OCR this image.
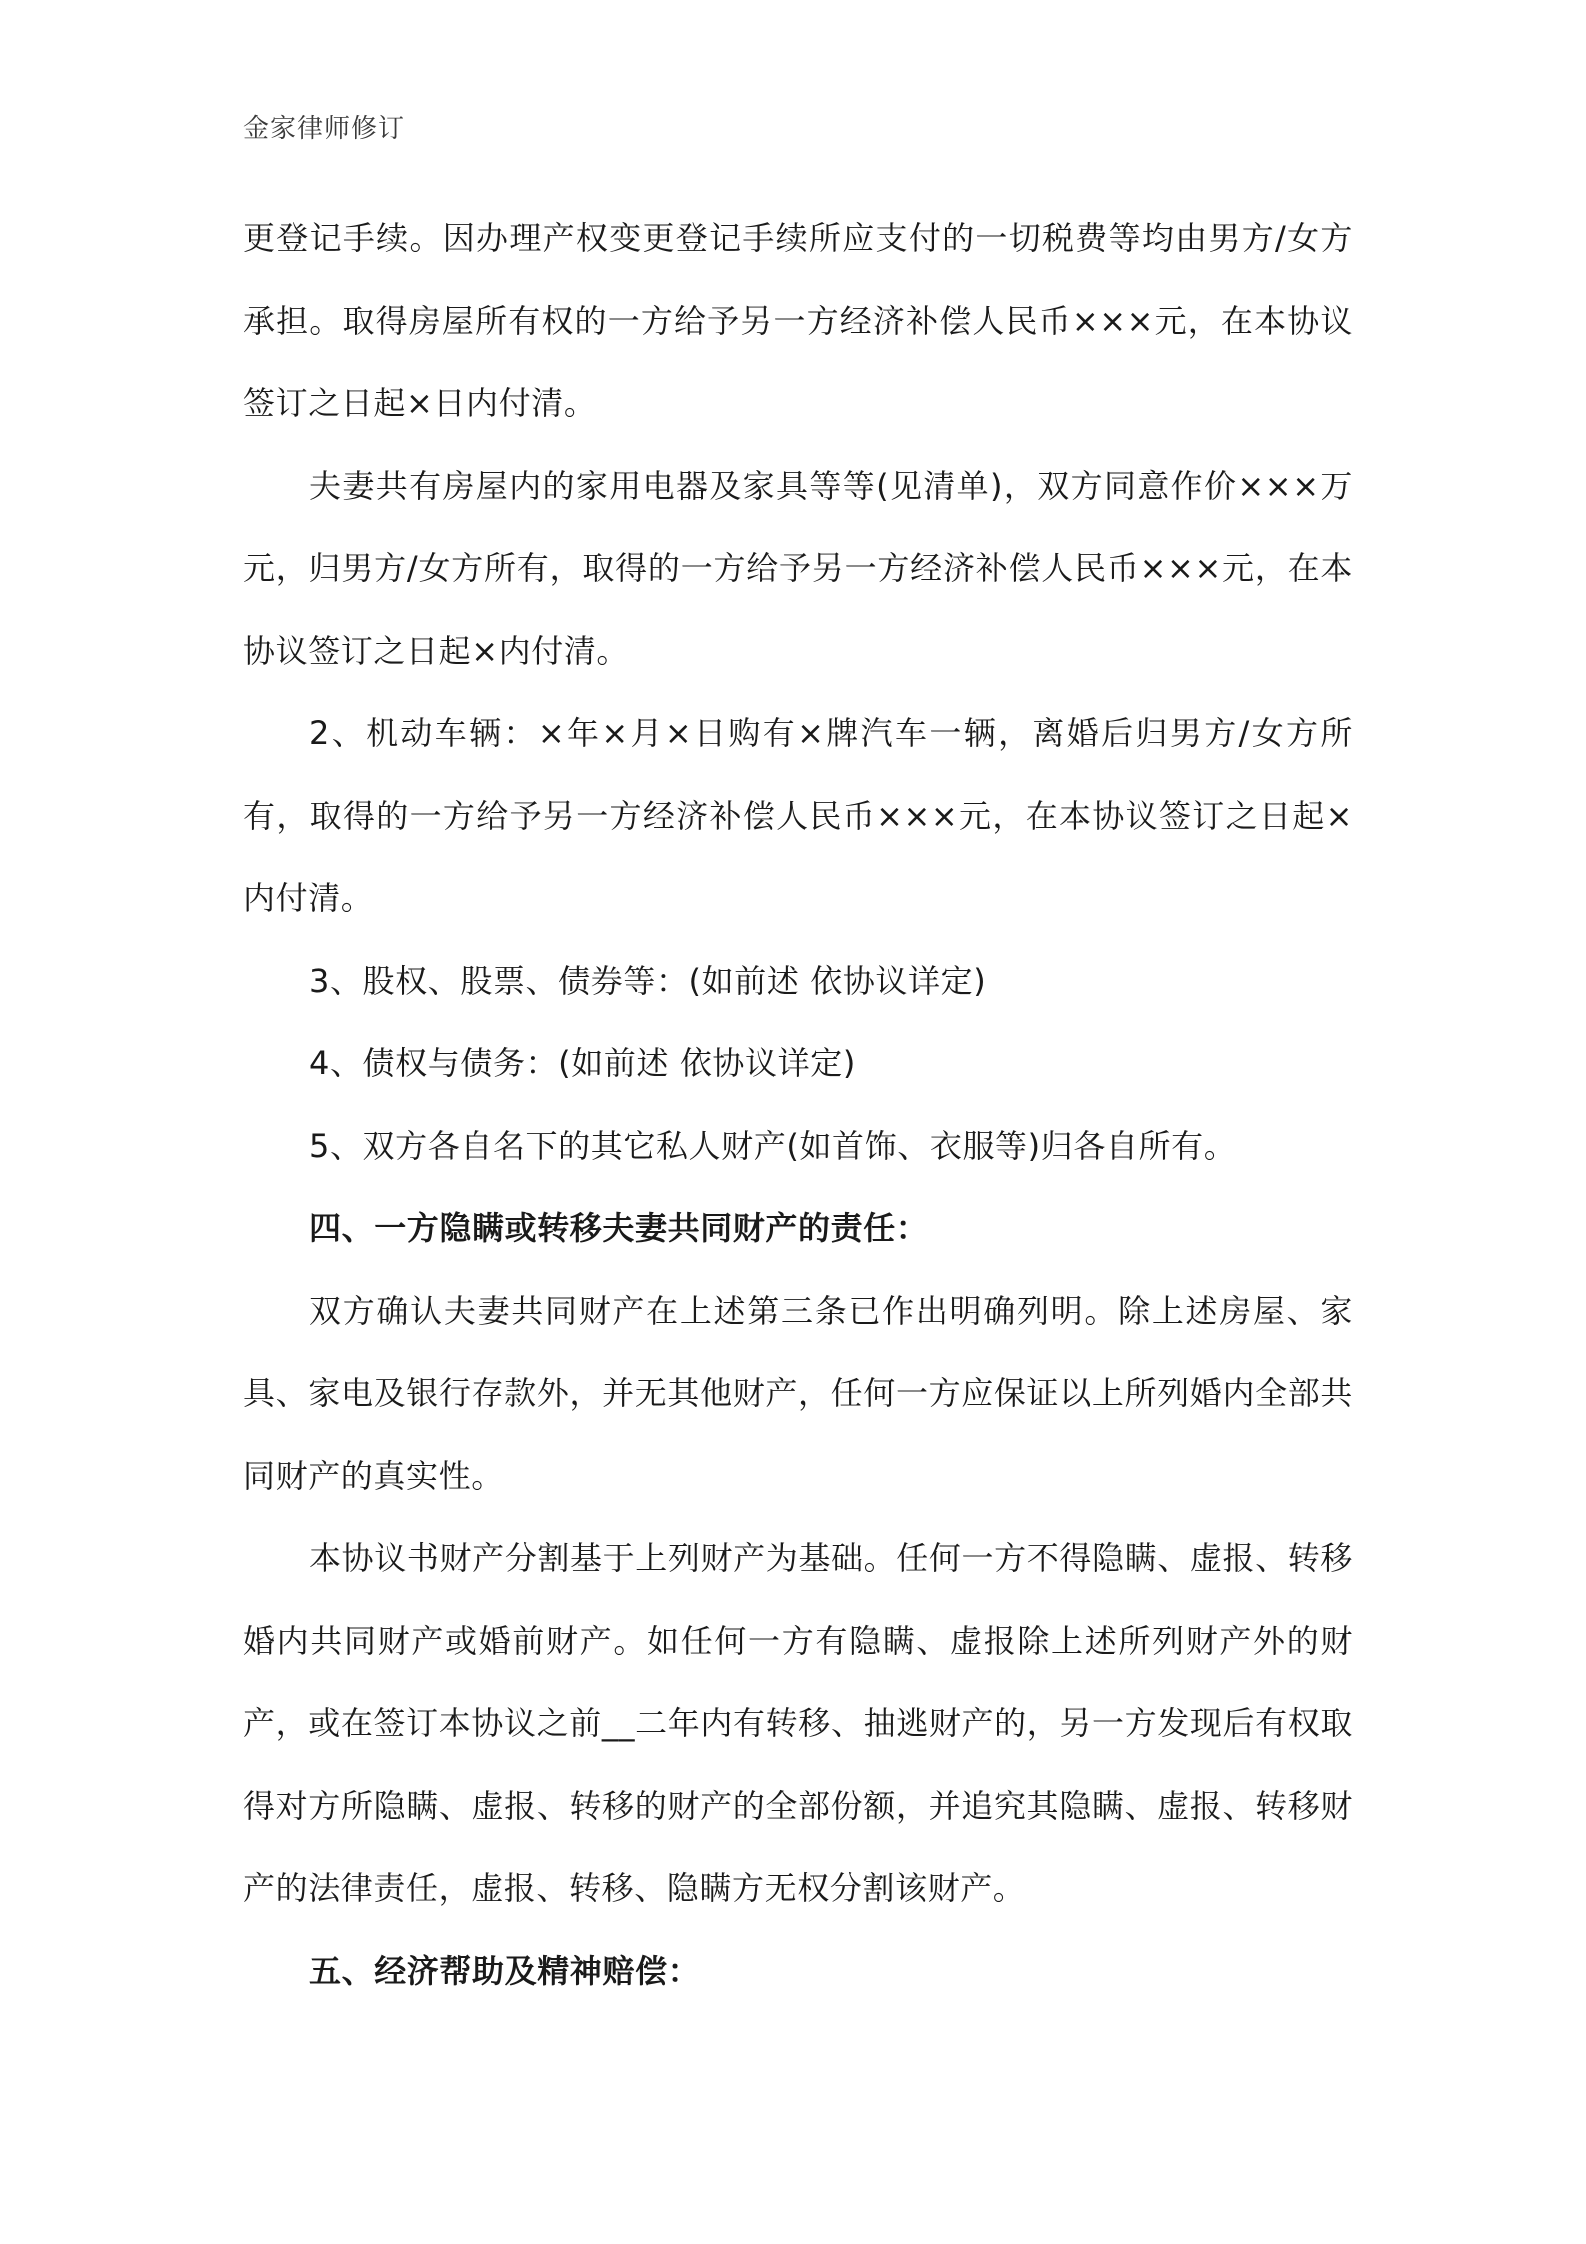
金家律师修订

更登记手续。因办理产权变更登记手续所应支付的一切税费等均由男方/女方承担。取得房屋所有权的一方给予另一方经济补偿人民币×××元，在本协议签订之日起×日内付清。

夫妻共有房屋内的家用电器及家具等等(见清单)，双方同意作价×××万元，归男方/女方所有，取得的一方给予另一方经济补偿人民币×××元，在本协议签订之日起×内付清。

2、机动车辆：×年×月×日购有×牌汽车一辆，离婚后归男方/女方所有，取得的一方给予另一方经济补偿人民币×××元，在本协议签订之日起×内付清。

3、股权、股票、债券等：(如前述 依协议详定)

4、债权与债务：(如前述 依协议详定)

5、双方各自名下的其它私人财产(如首饰、衣服等)归各自所有。

四、一方隐瞒或转移夫妻共同财产的责任：

双方确认夫妻共同财产在上述第三条已作出明确列明。除上述房屋、家具、家电及银行存款外，并无其他财产，任何一方应保证以上所列婚内全部共同财产的真实性。

本协议书财产分割基于上列财产为基础。任何一方不得隐瞒、虚报、转移婚内共同财产或婚前财产。如任何一方有隐瞒、虚报除上述所列财产外的财产，或在签订本协议之前__二年内有转移、抽逃财产的，另一方发现后有权取得对方所隐瞒、虚报、转移的财产的全部份额，并追究其隐瞒、虚报、转移财产的法律责任，虚报、转移、隐瞒方无权分割该财产。

五、经济帮助及精神赔偿：
